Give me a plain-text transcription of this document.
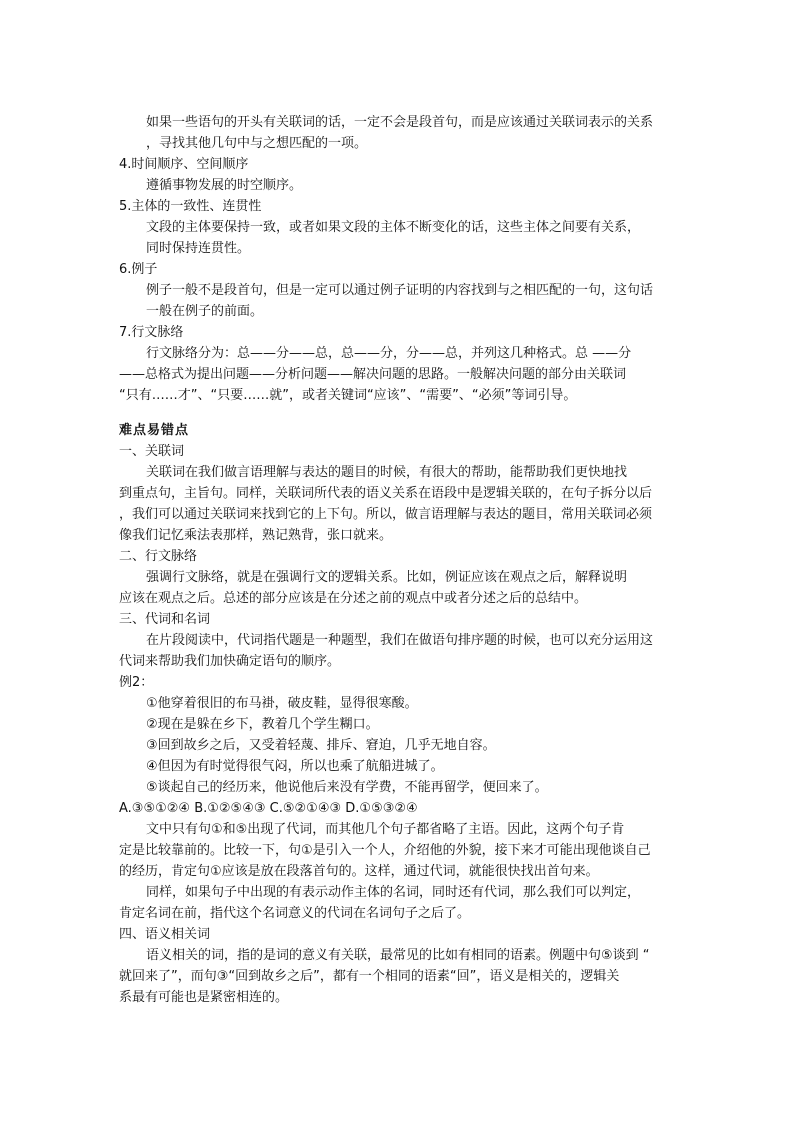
如果一些语句的开头有关联词的话，一定不会是段首句，而是应该通过关联词表示的关系
，寻找其他几句中与之想匹配的一项。
4.时间顺序、空间顺序
遵循事物发展的时空顺序。
5.主体的一致性、连贯性
文段的主体要保持一致，或者如果文段的主体不断变化的话，这些主体之间要有关系，
同时保持连贯性。
6.例子
例子一般不是段首句，但是一定可以通过例子证明的内容找到与之相匹配的一句，这句话
一般在例子的前面。
7.行文脉络
行文脉络分为：总——分——总，总——分，分——总，并列这几种格式。总 ——分
——总格式为提出问题——分析问题——解决问题的思路。一般解决问题的部分由关联词
“只有……才”、“只要……就”，或者关键词“应该”、“需要”、“必须”等词引导。
难点易错点
一、关联词
关联词在我们做言语理解与表达的题目的时候，有很大的帮助，能帮助我们更快地找
到重点句，主旨句。同样，关联词所代表的语义关系在语段中是逻辑关联的，在句子拆分以后
，我们可以通过关联词来找到它的上下句。所以，做言语理解与表达的题目，常用关联词必须
像我们记忆乘法表那样，熟记熟背，张口就来。
二、行文脉络
强调行文脉络，就是在强调行文的逻辑关系。比如，例证应该在观点之后，解释说明
应该在观点之后。总述的部分应该是在分述之前的观点中或者分述之后的总结中。
三、代词和名词
在片段阅读中，代词指代题是一种题型，我们在做语句排序题的时候，也可以充分运用这
代词来帮助我们加快确定语句的顺序。
例2：
①他穿着很旧的布马褂，破皮鞋，显得很寒酸。
②现在是躲在乡下，教着几个学生糊口。
③回到故乡之后，又受着轻蔑、排斥、窘迫，几乎无地自容。
④但因为有时觉得很气闷，所以也乘了航船进城了。
⑤谈起自己的经历来，他说他后来没有学费，不能再留学，便回来了。
A.③⑤①②④ B.①②⑤④③ C.⑤②①④③ D.①⑤③②④
文中只有句①和⑤出现了代词，而其他几个句子都省略了主语。因此，这两个句子肯
定是比较靠前的。比较一下，句①是引入一个人，介绍他的外貌，接下来才可能出现他谈自己
的经历，肯定句①应该是放在段落首句的。这样，通过代词，就能很快找出首句来。
同样，如果句子中出现的有表示动作主体的名词，同时还有代词，那么我们可以判定，
肯定名词在前，指代这个名词意义的代词在名词句子之后了。
四、语义相关词
语义相关的词，指的是词的意义有关联，最常见的比如有相同的语素。例题中句⑤谈到 “
就回来了”，而句③“回到故乡之后”，都有一个相同的语素“回”，语义是相关的，逻辑关
系最有可能也是紧密相连的。
